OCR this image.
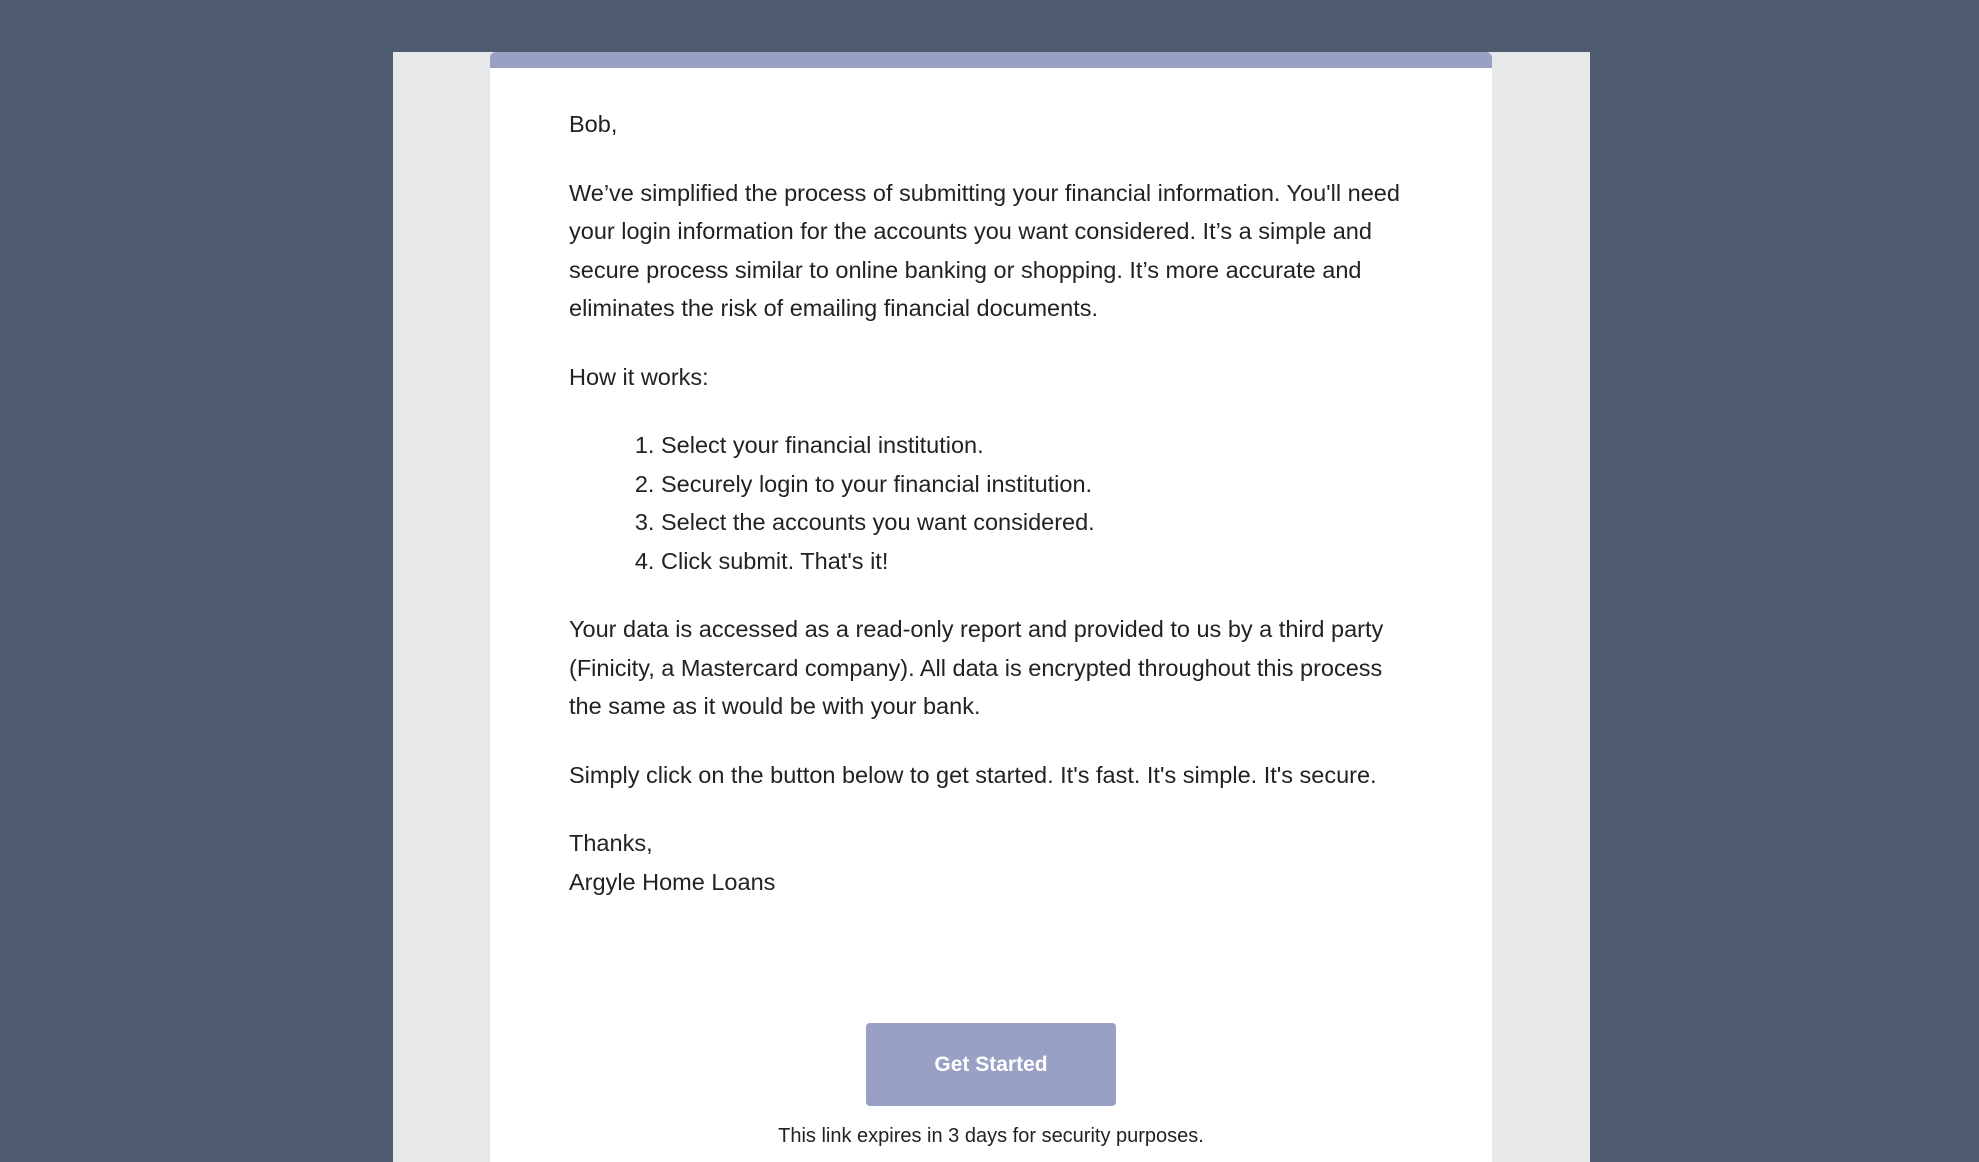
Bob,

We’ve simplified the process of submitting your financial information. You'll need your login information for the accounts you want considered. It’s a simple and secure process similar to online banking or shopping. It’s more accurate and eliminates the risk of emailing financial documents.

How it works:

1. Select your financial institution.
2. Securely login to your financial institution.
3. Select the accounts you want considered.
4. Click submit. That's it!

Your data is accessed as a read-only report and provided to us by a third party (Finicity, a Mastercard company). All data is encrypted throughout this process the same as it would be with your bank.

Simply click on the button below to get started. It's fast. It's simple. It's secure.

Thanks,
Argyle Home Loans

Get Started
This link expires in 3 days for security purposes.
